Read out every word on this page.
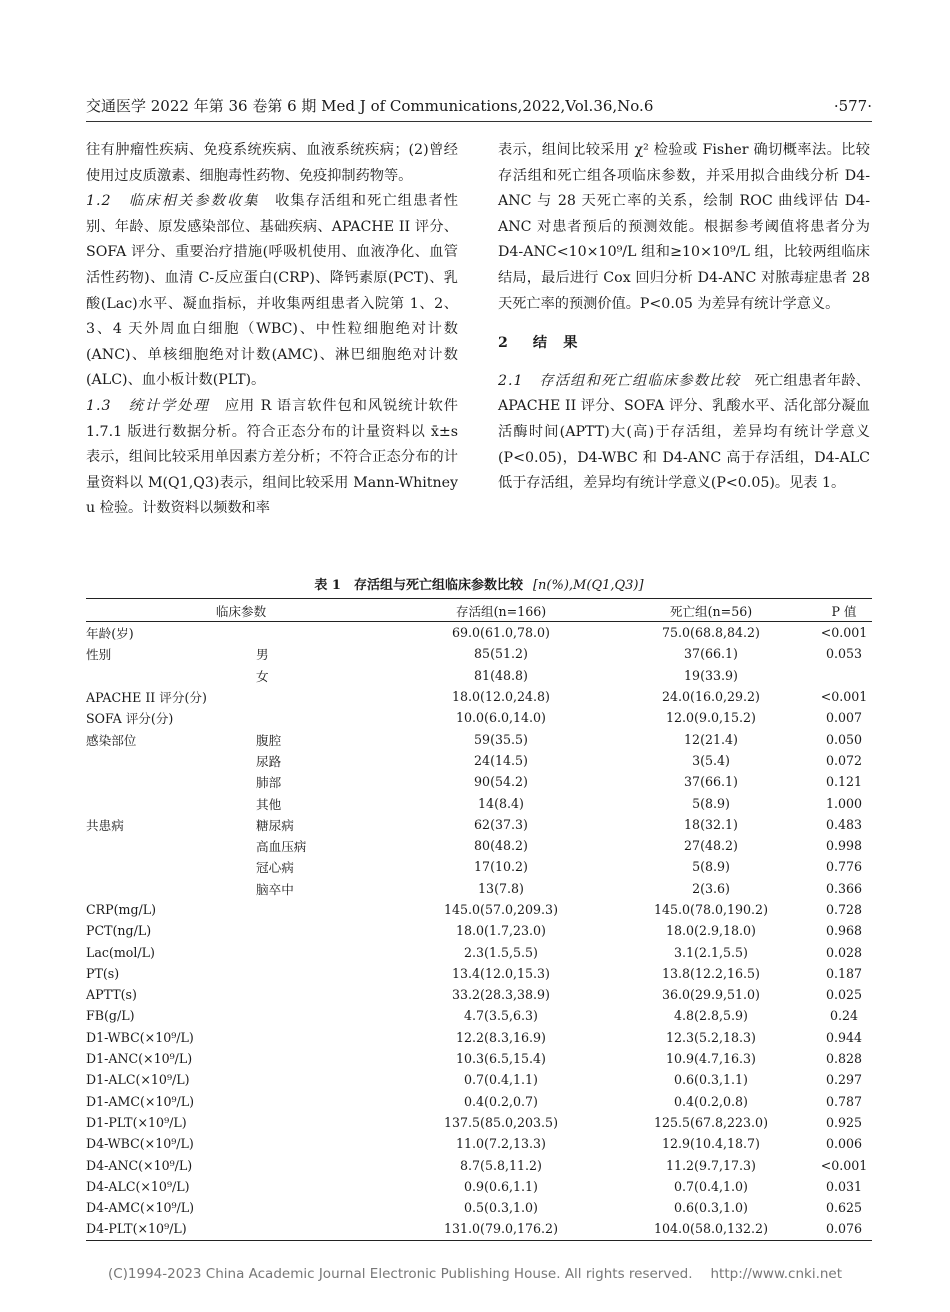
交通医学 2022 年第 36 卷第 6 期 Med J of Communications,2022,Vol.36,No.6	·577·

往有肿瘤性疾病、免疫系统疾病、血液系统疾病；(2)曾经使用过皮质激素、细胞毒性药物、免疫抑制药物等。

1.2　临床相关参数收集　 收集存活组和死亡组患者性别、年龄、原发感染部位、基础疾病、APACHE II 评分、SOFA 评分、重要治疗措施(呼吸机使用、血液净化、血管活性药物)、血清 C-反应蛋白(CRP)、降钙素原(PCT)、乳酸(Lac)水平、凝血指标，并收集两组患者入院第 1、2、3、4 天外周血白细胞（WBC)、中性粒细胞绝对计数(ANC)、单核细胞绝对计数(AMC)、淋巴细胞绝对计数(ALC)、血小板计数(PLT)。

1.3　统计学处理　 应用 R 语言软件包和风锐统计软件 1.7.1 版进行数据分析。符合正态分布的计量资料以 x̄±s 表示，组间比较采用单因素方差分析；不符合正态分布的计量资料以 M(Q1,Q3)表示，组间比较采用 Mann-Whitney u 检验。计数资料以频数和率

表示，组间比较采用 χ² 检验或 Fisher 确切概率法。比较存活组和死亡组各项临床参数，并采用拟合曲线分析 D4-ANC 与 28 天死亡率的关系，绘制 ROC 曲线评估 D4-ANC 对患者预后的预测效能。根据参考阈值将患者分为 D4-ANC<10×10⁹/L 组和≥10×10⁹/L 组，比较两组临床结局，最后进行 Cox 回归分析 D4-ANC 对脓毒症患者 28 天死亡率的预测价值。P<0.05 为差异有统计学意义。

2 结　果

2.1　存活组和死亡组临床参数比较　 死亡组患者年龄、APACHE II 评分、SOFA 评分、乳酸水平、活化部分凝血活酶时间(APTT)大(高)于存活组，差异均有统计学意义(P<0.05)，D4-WBC 和 D4-ANC 高于存活组，D4-ALC 低于存活组，差异均有统计学意义(P<0.05)。见表 1。

表 1　存活组与死亡组临床参数比较 [n(%),M(Q1,Q3)]
临床参数		存活组(n=166)	死亡组(n=56)	P 值
年龄(岁)		69.0(61.0,78.0)	75.0(68.8,84.2)	<0.001
性别	男	85(51.2)	37(66.1)	0.053
	女	81(48.8)	19(33.9)	
APACHE II 评分(分)		18.0(12.0,24.8)	24.0(16.0,29.2)	<0.001
SOFA 评分(分)		10.0(6.0,14.0)	12.0(9.0,15.2)	0.007
感染部位	腹腔	59(35.5)	12(21.4)	0.050
	尿路	24(14.5)	3(5.4)	0.072
	肺部	90(54.2)	37(66.1)	0.121
	其他	14(8.4)	5(8.9)	1.000
共患病	糖尿病	62(37.3)	18(32.1)	0.483
	高血压病	80(48.2)	27(48.2)	0.998
	冠心病	17(10.2)	5(8.9)	0.776
	脑卒中	13(7.8)	2(3.6)	0.366
CRP(mg/L)		145.0(57.0,209.3)	145.0(78.0,190.2)	0.728
PCT(ng/L)		18.0(1.7,23.0)	18.0(2.9,18.0)	0.968
Lac(mol/L)		2.3(1.5,5.5)	3.1(2.1,5.5)	0.028
PT(s)		13.4(12.0,15.3)	13.8(12.2,16.5)	0.187
APTT(s)		33.2(28.3,38.9)	36.0(29.9,51.0)	0.025
FB(g/L)		4.7(3.5,6.3)	4.8(2.8,5.9)	0.24
D1-WBC(×10⁹/L)		12.2(8.3,16.9)	12.3(5.2,18.3)	0.944
D1-ANC(×10⁹/L)		10.3(6.5,15.4)	10.9(4.7,16.3)	0.828
D1-ALC(×10⁹/L)		0.7(0.4,1.1)	0.6(0.3,1.1)	0.297
D1-AMC(×10⁹/L)		0.4(0.2,0.7)	0.4(0.2,0.8)	0.787
D1-PLT(×10⁹/L)		137.5(85.0,203.5)	125.5(67.8,223.0)	0.925
D4-WBC(×10⁹/L)		11.0(7.2,13.3)	12.9(10.4,18.7)	0.006
D4-ANC(×10⁹/L)		8.7(5.8,11.2)	11.2(9.7,17.3)	<0.001
D4-ALC(×10⁹/L)		0.9(0.6,1.1)	0.7(0.4,1.0)	0.031
D4-AMC(×10⁹/L)		0.5(0.3,1.0)	0.6(0.3,1.0)	0.625
D4-PLT(×10⁹/L)		131.0(79.0,176.2)	104.0(58.0,132.2)	0.076
(C)1994-2023 China Academic Journal Electronic Publishing House. All rights reserved. http://www.cnki.net
